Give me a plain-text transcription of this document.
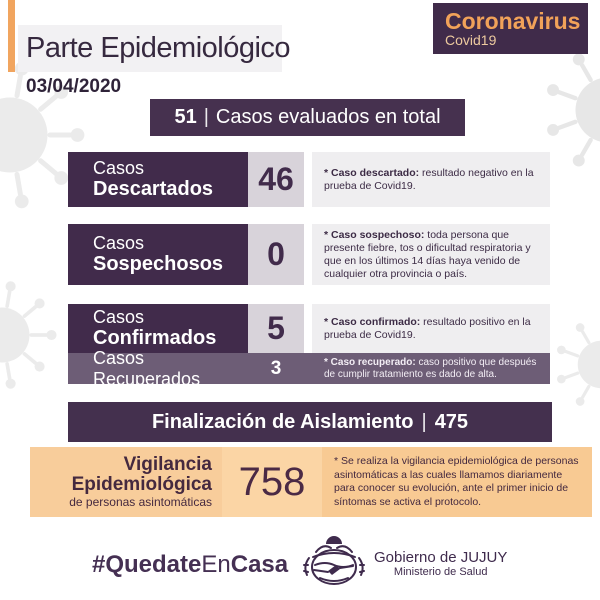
Parte Epidemiológico
03/04/2020
Coronavirus
Covid19
51 | Casos evaluados en total
Casos
Descartados	46	* Caso descartado: resultado negativo en la prueba de Covid19.
Casos
Sospechosos	0
* Caso sospechoso: toda persona que presente fiebre, tos o dificultad respiratoria y que en los últimos 14 días haya venido de cualquier otra provincia o país.
Casos
Confirmados	5	* Caso confirmado: resultado positivo en la prueba de Covid19.
Casos Recuperados	3	* Caso recuperado: caso positivo que después de cumplir tratamiento es dado de alta.
Finalización de Aislamiento | 475
Vigilancia
Epidemiológica
de personas asintomáticas 758	* Se realiza la vigilancia epidemiológica de personas asintomáticas a las cuales llamamos diariamente para conocer su evolución, ante el primer inicio de síntomas se activa el protocolo.
#QuedateEnCasa	Gobierno de JUJUY
Ministerio de Salud
